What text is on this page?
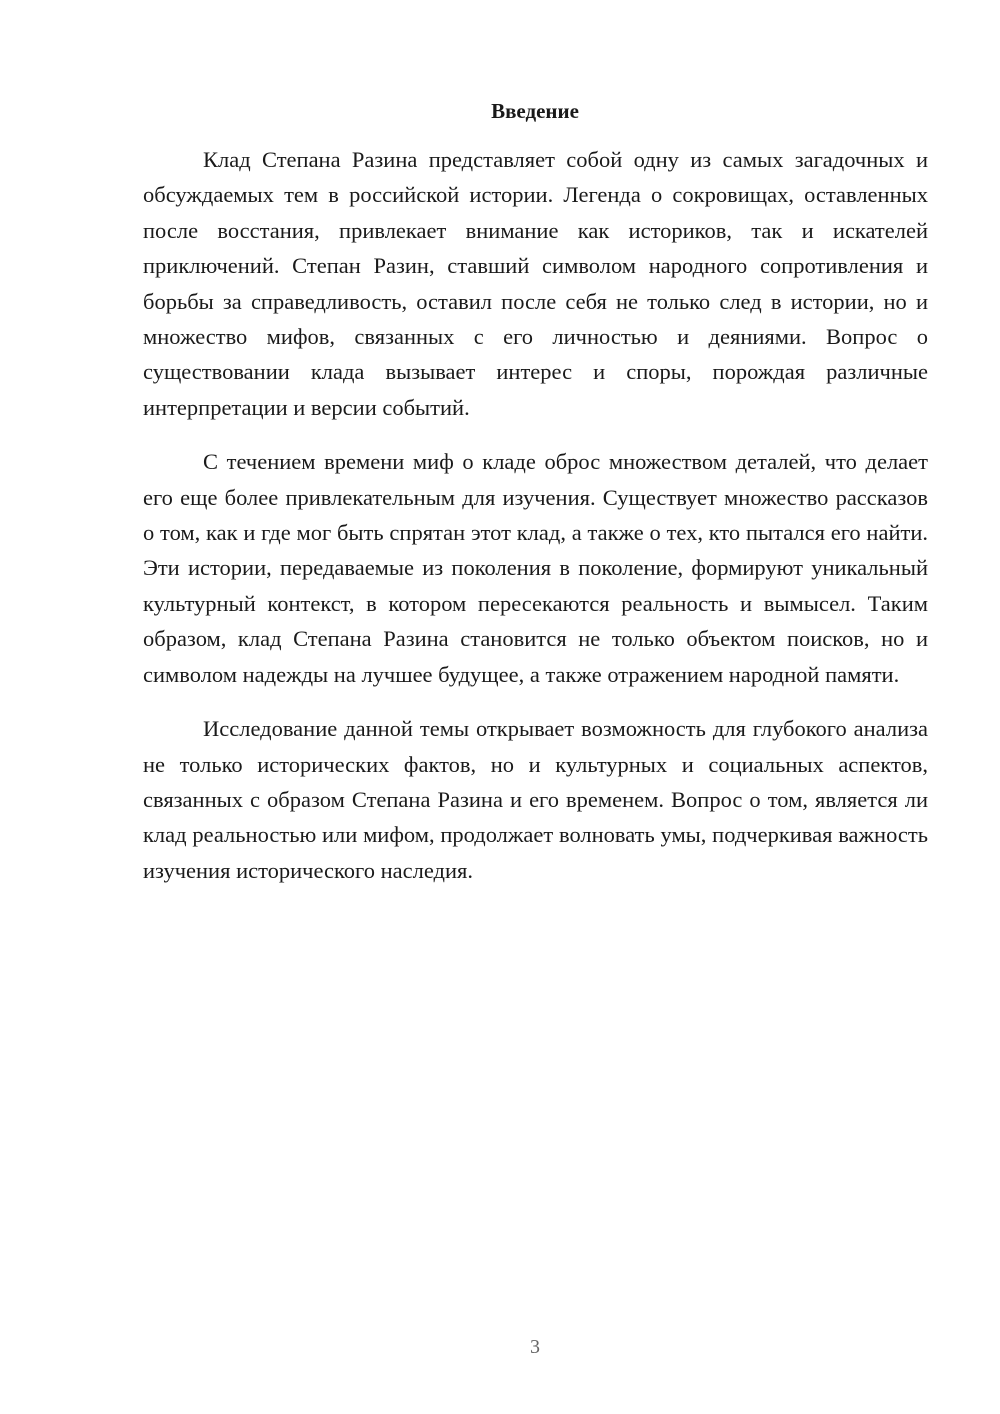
Введение

Клад Степана Разина представляет собой одну из самых загадочных и обсуждаемых тем в российской истории. Легенда о сокровищах, оставленных после восстания, привлекает внимание как историков, так и искателей приключений. Степан Разин, ставший символом народного сопротивления и борьбы за справедливость, оставил после себя не только след в истории, но и множество мифов, связанных с его личностью и деяниями. Вопрос о существовании клада вызывает интерес и споры, порождая различные интерпретации и версии событий.

С течением времени миф о кладе оброс множеством деталей, что делает его еще более привлекательным для изучения. Существует множество рассказов о том, как и где мог быть спрятан этот клад, а также о тех, кто пытался его найти. Эти истории, передаваемые из поколения в поколение, формируют уникальный культурный контекст, в котором пересекаются реальность и вымысел. Таким образом, клад Степана Разина становится не только объектом поисков, но и символом надежды на лучшее будущее, а также отражением народной памяти.

Исследование данной темы открывает возможность для глубокого анализа не только исторических фактов, но и культурных и социальных аспектов, связанных с образом Степана Разина и его временем. Вопрос о том, является ли клад реальностью или мифом, продолжает волновать умы, подчеркивая важность изучения исторического наследия.

3
